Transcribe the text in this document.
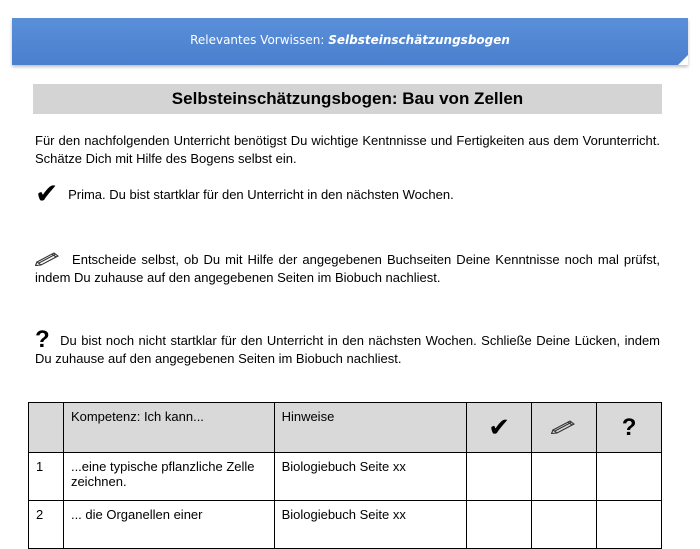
Relevantes Vorwissen: Selbsteinschätzungsbogen
Selbsteinschätzungsbogen: Bau von Zellen
Für den nachfolgenden Unterricht benötigst Du wichtige Kentnnisse und Fertigkeiten aus dem Vorunterricht. Schätze Dich mit Hilfe des Bogens selbst ein.
✔ Prima. Du bist startklar für den Unterricht in den nächsten Wochen.
Entscheide selbst, ob Du mit Hilfe der angegebenen Buchseiten Deine Kenntnisse noch mal prüfst, indem Du zuhause auf den angegebenen Seiten im Biobuch nachliest.
? Du bist noch nicht startklar für den Unterricht in den nächsten Wochen. Schließe Deine Lücken, indem Du zuhause auf den angegebenen Seiten im Biobuch nachliest.
	Kompetenz: Ich kann...	Hinweise	✔		?
1	...eine typische pflanzliche Zelle zeichnen.	Biologiebuch Seite xx			
2	... die Organellen einer	Biologiebuch Seite xx			
